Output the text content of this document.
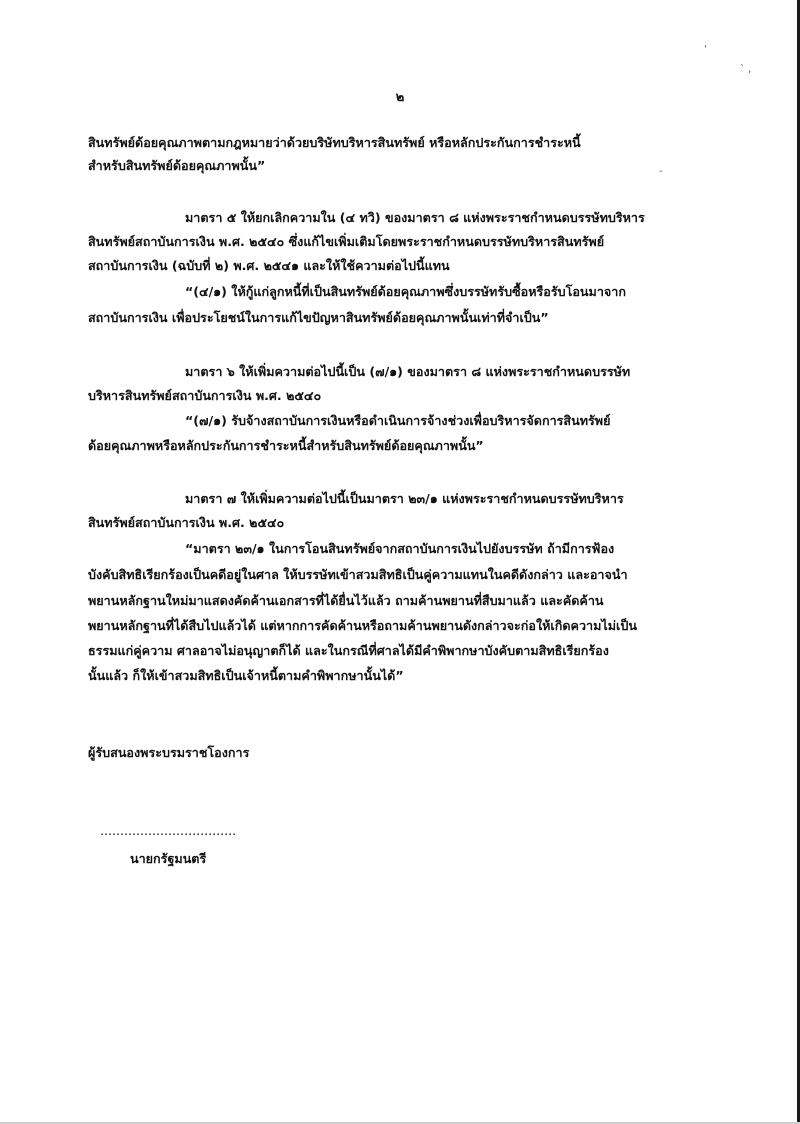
๒
'
` ,
-
สินทรัพย์ด้อยคุณภาพตามกฎหมายว่าด้วยบริษัทบริหารสินทรัพย์ หรือหลักประกันการชำระหนี้
สำหรับสินทรัพย์ด้อยคุณภาพนั้น”
มาตรา ๕ ให้ยกเลิกความใน (๔ ทวิ) ของมาตรา ๘ แห่งพระราชกำหนดบรรษัทบริหาร
สินทรัพย์สถาบันการเงิน พ.ศ. ๒๕๔๐ ซึ่งแก้ไขเพิ่มเติมโดยพระราชกำหนดบรรษัทบริหารสินทรัพย์
สถาบันการเงิน (ฉบับที่ ๒) พ.ศ. ๒๕๔๑ และให้ใช้ความต่อไปนี้แทน
“(๔/๑) ให้กู้แก่ลูกหนี้ที่เป็นสินทรัพย์ด้อยคุณภาพซึ่งบรรษัทรับซื้อหรือรับโอนมาจาก
สถาบันการเงิน เพื่อประโยชน์ในการแก้ไขปัญหาสินทรัพย์ด้อยคุณภาพนั้นเท่าที่จำเป็น”
มาตรา ๖ ให้เพิ่มความต่อไปนี้เป็น (๗/๑) ของมาตรา ๘ แห่งพระราชกำหนดบรรษัท
บริหารสินทรัพย์สถาบันการเงิน พ.ศ. ๒๕๔๐
“(๗/๑) รับจ้างสถาบันการเงินหรือดำเนินการจ้างช่วงเพื่อบริหารจัดการสินทรัพย์
ด้อยคุณภาพหรือหลักประกันการชำระหนี้สำหรับสินทรัพย์ด้อยคุณภาพนั้น”
มาตรา ๗ ให้เพิ่มความต่อไปนี้เป็นมาตรา ๒๓/๑ แห่งพระราชกำหนดบรรษัทบริหาร
สินทรัพย์สถาบันการเงิน พ.ศ. ๒๕๔๐
“มาตรา ๒๓/๑ ในการโอนสินทรัพย์จากสถาบันการเงินไปยังบรรษัท ถ้ามีการฟ้อง
บังคับสิทธิเรียกร้องเป็นคดีอยู่ในศาล ให้บรรษัทเข้าสวมสิทธิเป็นคู่ความแทนในคดีดังกล่าว และอาจนำ
พยานหลักฐานใหม่มาแสดงคัดค้านเอกสารที่ได้ยื่นไว้แล้ว ถามค้านพยานที่สืบมาแล้ว และคัดค้าน
พยานหลักฐานที่ได้สืบไปแล้วได้ แต่หากการคัดค้านหรือถามค้านพยานดังกล่าวจะก่อให้เกิดความไม่เป็น
ธรรมแก่คู่ความ ศาลอาจไม่อนุญาตก็ได้ และในกรณีที่ศาลได้มีคำพิพากษาบังคับตามสิทธิเรียกร้อง
นั้นแล้ว ก็ให้เข้าสวมสิทธิเป็นเจ้าหนี้ตามคำพิพากษานั้นได้”
ผู้รับสนองพระบรมราชโองการ
..................................
นายกรัฐมนตรี
